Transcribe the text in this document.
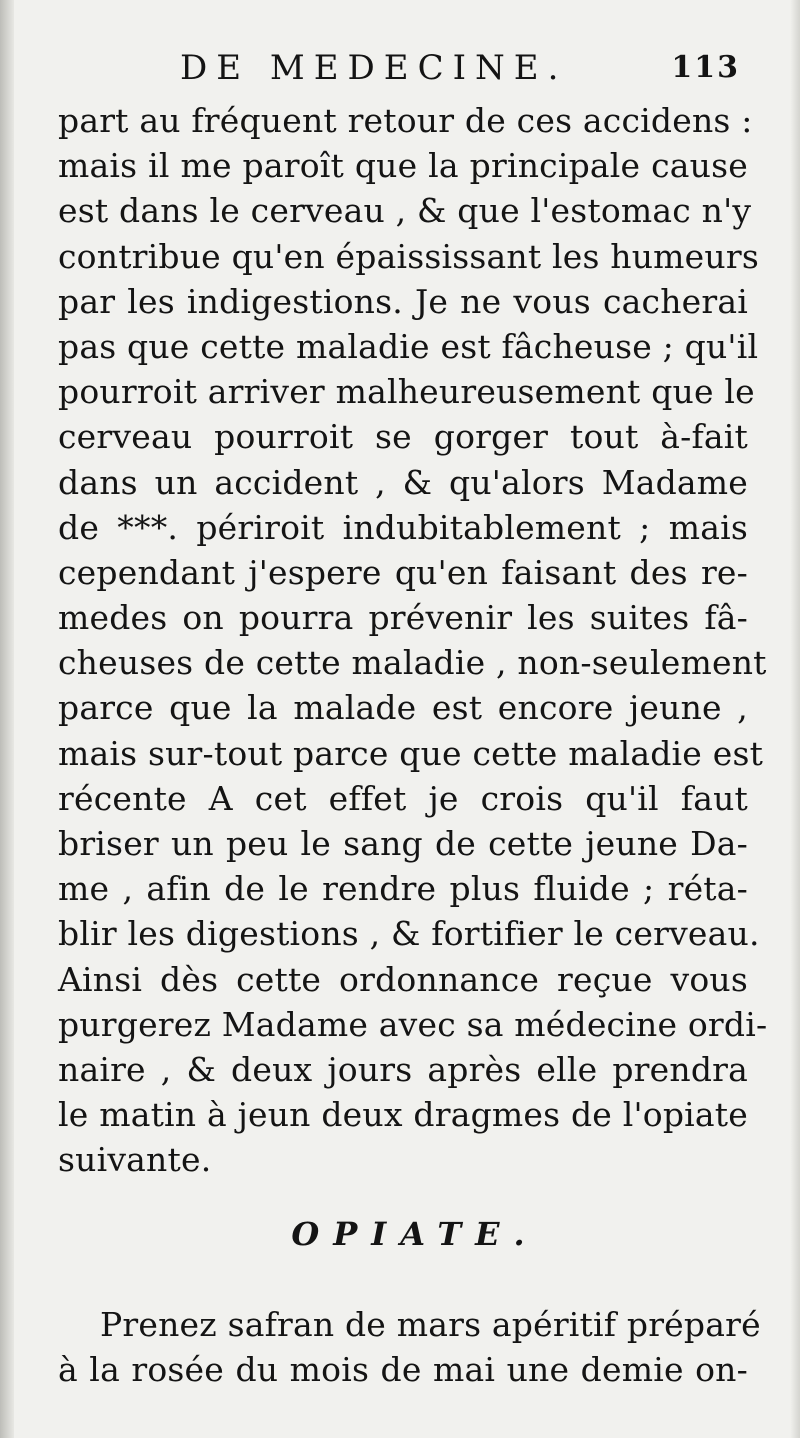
DE MEDECINE.	113
part au fréquent retour de ces accidens :
mais il me paroît que la principale cause
est dans le cerveau , & que l'estomac n'y
contribue qu'en épaississant les humeurs
par les indigestions. Je ne vous cacherai
pas que cette maladie est fâcheuse ; qu'il
pourroit arriver malheureusement que le
cerveau pourroit se gorger tout à-fait
dans un accident , & qu'alors Madame
de ***. périroit indubitablement ; mais
cependant j'espere qu'en faisant des re-
medes on pourra prévenir les suites fâ-
cheuses de cette maladie , non-seulement
parce que la malade est encore jeune ,
mais sur-tout parce que cette maladie est
récente A cet effet je crois qu'il faut
briser un peu le sang de cette jeune Da-
me , afin de le rendre plus fluide ; réta-
blir les digestions , & fortifier le cerveau.
Ainsi dès cette ordonnance reçue vous
purgerez Madame avec sa médecine ordi-
naire , & deux jours après elle prendra
le matin à jeun deux dragmes de l'opiate
suivante.
OPIATE.
Prenez safran de mars apéritif préparé
à la rosée du mois de mai une demie on-
